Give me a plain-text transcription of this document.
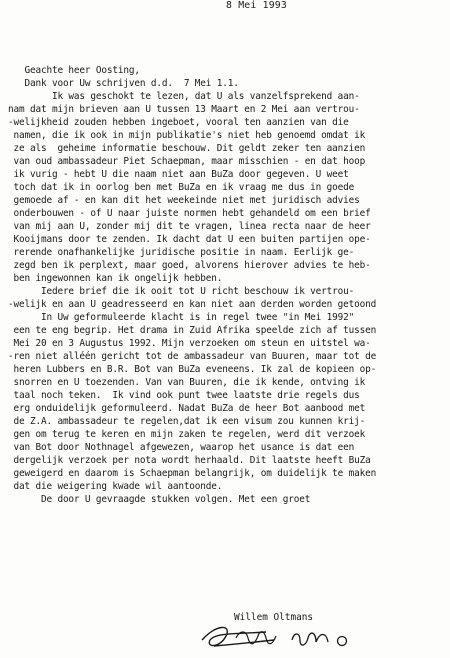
8 Mei 1993
Geachte heer Oosting,
Dank voor Uw schrijven d.d.  7 Mei 1.1.
Ik was geschokt te lezen, dat U als vanzelfsprekend aan-
nam dat mijn brieven aan U tussen 13 Maart en 2 Mei aan vertrou-
-welijkheid zouden hebben ingeboet, vooral ten aanzien van die
namen, die ik ook in mijn publikatie's niet heb genoemd omdat ik
ze als  geheime informatie beschouw. Dit geldt zeker ten aanzien
van oud ambassadeur Piet Schaepman, maar misschien - en dat hoop
ik vurig - hebt U die naam niet aan BuZa door gegeven. U weet
toch dat ik in oorlog ben met BuZa en ik vraag me dus in goede
gemoede af - en kan dit het weekeinde niet met juridisch advies
onderbouwen - of U naar juiste normen hebt gehandeld om een brief
van mij aan U, zonder mij dit te vragen, linea recta naar de heer
Kooijmans door te zenden. Ik dacht dat U een buiten partijen ope-
rerende onafhankelijke juridische positie in naam. Eerlijk ge-
zegd ben ik perplext, maar goed, alvorens hierover advies te heb-
ben ingewonnen kan ik ongelijk hebben.
Iedere brief die ik ooit tot U richt beschouw ik vertrou-
-welijk en aan U geadresseerd en kan niet aan derden worden getoond
In Uw geformuleerde klacht is in regel twee "in Mei 1992"
een te eng begrip. Het drama in Zuid Afrika speelde zich af tussen
Mei 20 en 3 Augustus 1992. Mijn verzoeken om steun en uitstel wa-
-ren niet alléén gericht tot de ambassadeur van Buuren, maar tot de
heren Lubbers en B.R. Bot van BuZa eveneens. Ik zal de kopieen op-
snorren en U toezenden. Van van Buuren, die ik kende, ontving ik
taal noch teken.  Ik vind ook punt twee laatste drie regels dus
erg onduidelijk geformuleerd. Nadat BuZa de heer Bot aanbood met
de Z.A. ambassadeur te regelen,dat ik een visum zou kunnen krij-
gen om terug te keren en mijn zaken te regelen, werd dit verzoek
van Bot door Nothnagel afgewezen, waarop het usance is dat een
dergelijk verzoek per nota wordt herhaald. Dit laatste heeft BuZa
geweigerd en daarom is Schaepman belangrijk, om duidelijk te maken
dat die weigering kwade wil aantoonde.
De door U gevraagde stukken volgen. Met een groet
Willem Oltmans
